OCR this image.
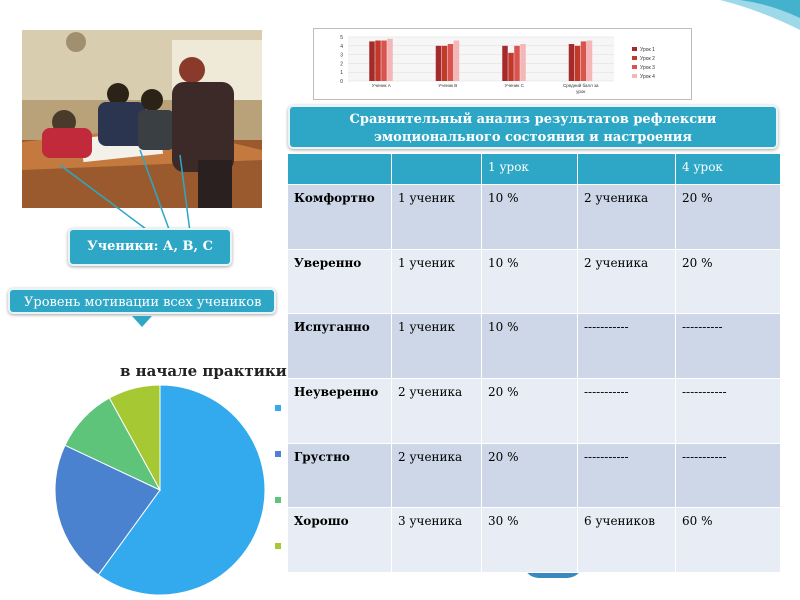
Ученики: А, В, С
Уровень мотивации всех учеников
0
1
2
3
4
5
Ученик А	Ученик В	Ученик С	Средний балл за
урок
Урок 1
Урок 2
Урок 3
Урок 4
Сравнительный анализ результатов рефлексии эмоционального состояния и настроения
в начале практики
		1 урок		4 урок
Комфортно	1 ученик	10 %	2 ученика	20 %
Уверенно	1 ученик	10 %	2 ученика	20 %
Испуганно	1 ученик	10 %	-----------	----------
Неуверенно	2 ученика	20 %	-----------	-----------
Грустно	2 ученика	20 %	-----------	-----------
Хорошо	3 ученика	30 %	6 учеников	60 %
